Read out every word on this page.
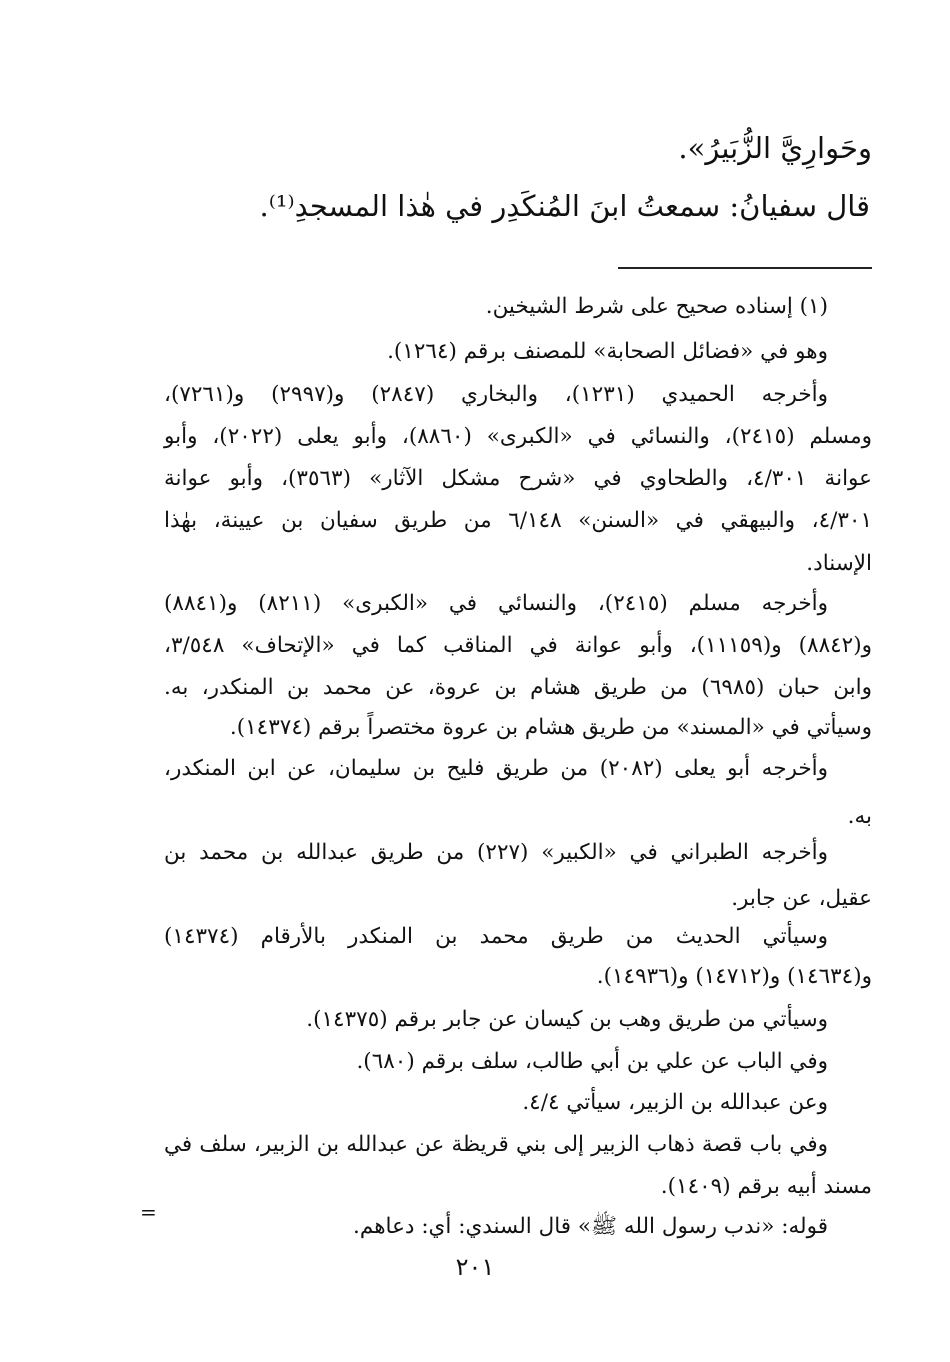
وحَوارِيَّ الزُّبَيرُ».
قال سفيانُ: سمعتُ ابنَ المُنكَدِر في هٰذا المسجدِ⁽¹⁾.
(١) إسناده صحيح على شرط الشيخين.
وهو في «فضائل الصحابة» للمصنف برقم (١٢٦٤).
وأخرجه الحميدي (١٢٣١)، والبخاري (٢٨٤٧) و(٢٩٩٧) و(٧٢٦١)،
ومسلم (٢٤١٥)، والنسائي في «الكبرى» (٨٨٦٠)، وأبو يعلى (٢٠٢٢)، وأبو
عوانة ٤/٣٠١، والطحاوي في «شرح مشكل الآثار» (٣٥٦٣)، وأبو عوانة
٤/٣٠١، والبيهقي في «السنن» ٦/١٤٨ من طريق سفيان بن عيينة، بهٰذا
الإسناد.
وأخرجه مسلم (٢٤١٥)، والنسائي في «الكبرى» (٨٢١١) و(٨٨٤١)
و(٨٨٤٢) و(١١١٥٩)، وأبو عوانة في المناقب كما في «الإتحاف» ٣/٥٤٨،
وابن حبان (٦٩٨٥) من طريق هشام بن عروة، عن محمد بن المنكدر، به.
وسيأتي في «المسند» من طريق هشام بن عروة مختصراً برقم (١٤٣٧٤).
وأخرجه أبو يعلى (٢٠٨٢) من طريق فليح بن سليمان، عن ابن المنكدر،
به.
وأخرجه الطبراني في «الكبير» (٢٢٧) من طريق عبدالله بن محمد بن
عقيل، عن جابر.
وسيأتي الحديث من طريق محمد بن المنكدر بالأرقام (١٤٣٧٤)
و(١٤٦٣٤) و(١٤٧١٢) و(١٤٩٣٦).
وسيأتي من طريق وهب بن كيسان عن جابر برقم (١٤٣٧٥).
وفي الباب عن علي بن أبي طالب، سلف برقم (٦٨٠).
وعن عبدالله بن الزبير، سيأتي ٤/٤.
وفي باب قصة ذهاب الزبير إلى بني قريظة عن عبدالله بن الزبير، سلف في
مسند أبيه برقم (١٤٠٩).
قوله: «ندب رسول الله ﷺ» قال السندي: أي: دعاهم.
=
٢٠١
